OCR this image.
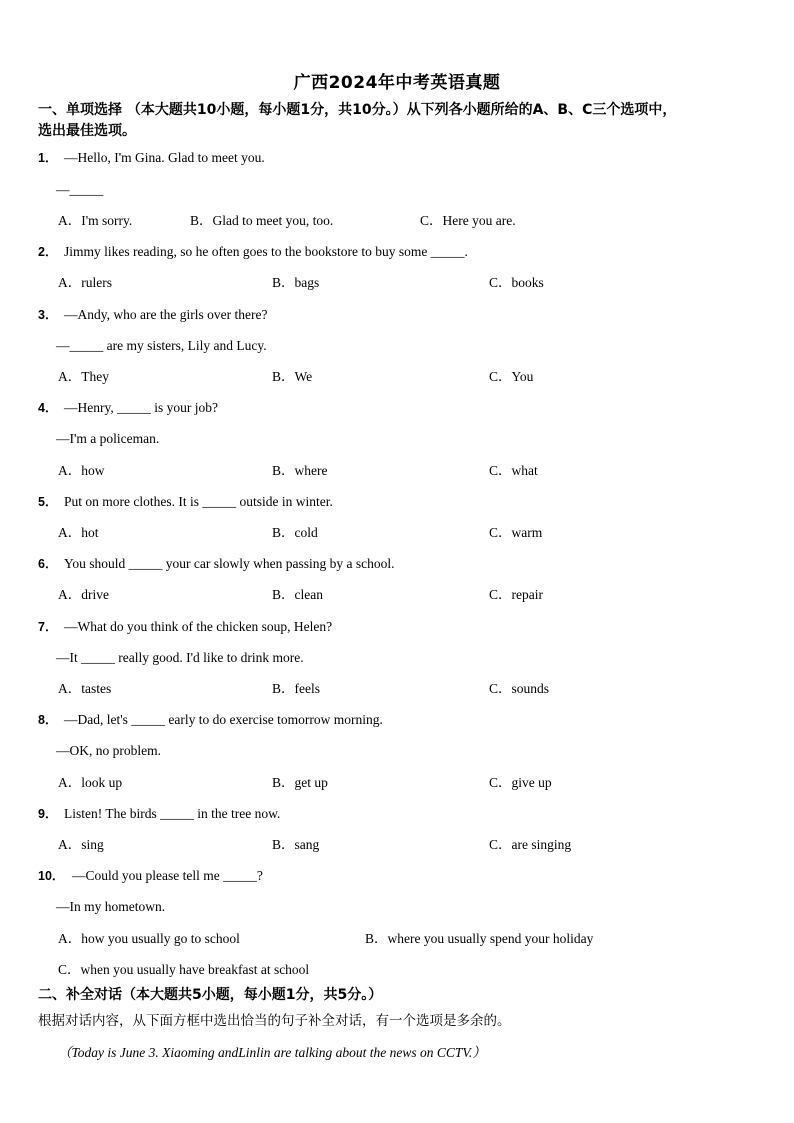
广西2024年中考英语真题
一、单项选择 （本大题共10小题，每小题1分，共10分。）从下列各小题所给的A、B、C三个选项中，
选出最佳选项。
1． —Hello, I'm Gina. Glad to meet you.
—_____
A．I'm sorry.	B．Glad to meet you, too.	C．Here you are.
2． Jimmy likes reading, so he often goes to the bookstore to buy some _____.
A．rulers	B．bags	C．books
3． —Andy, who are the girls over there?
—_____ are my sisters, Lily and Lucy.
A．They	B．We	C．You
4． —Henry, _____ is your job?
—I'm a policeman.
A．how	B．where	C．what
5． Put on more clothes. It is _____ outside in winter.
A．hot	B．cold	C．warm
6． You should _____ your car slowly when passing by a school.
A．drive	B．clean	C．repair
7． —What do you think of the chicken soup, Helen?
—It _____ really good. I'd like to drink more.
A．tastes	B．feels	C．sounds
8． —Dad, let's _____ early to do exercise tomorrow morning.
—OK, no problem.
A．look up	B．get up	C．give up
9． Listen! The birds _____ in the tree now.
A．sing	B．sang	C．are singing
10． —Could you please tell me _____?
—In my hometown.
A．how you usually go to school	B．where you usually spend your holiday
C．when you usually have breakfast at school
二、补全对话（本大题共5小题，每小题1分，共5分。）
根据对话内容，从下面方框中选出恰当的句子补全对话，有一个选项是多余的。
（Today is June 3. Xiaoming andLinlin are talking about the news on CCTV.）
